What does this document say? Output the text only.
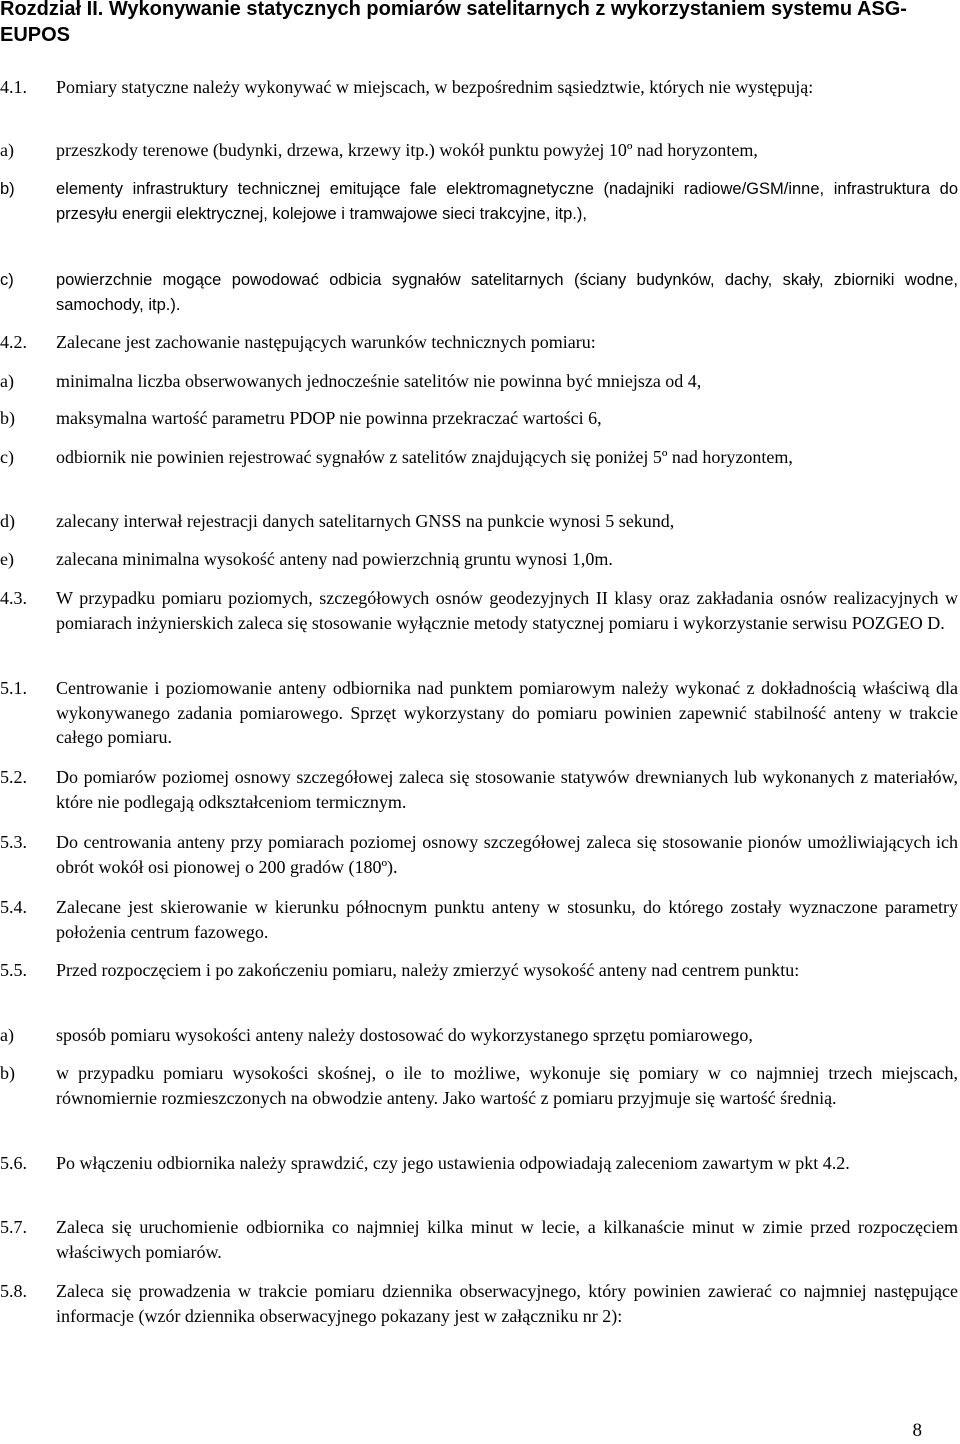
Rozdział II. Wykonywanie statycznych pomiarów satelitarnych z wykorzystaniem systemu ASG-EUPOS
4.1.	Pomiary statyczne należy wykonywać w miejscach, w bezpośrednim sąsiedztwie, których nie występują:
a)	przeszkody terenowe (budynki, drzewa, krzewy itp.) wokół punktu powyżej 10º nad horyzontem,
b)	elementy infrastruktury technicznej emitujące fale elektromagnetyczne (nadajniki radiowe/GSM/inne, infrastruktura do przesyłu energii elektrycznej, kolejowe i tramwajowe sieci trakcyjne, itp.),
c)	powierzchnie mogące powodować odbicia sygnałów satelitarnych (ściany budynków, dachy, skały, zbiorniki wodne, samochody, itp.).
4.2.	Zalecane jest zachowanie następujących warunków technicznych pomiaru:
a)	minimalna liczba obserwowanych jednocześnie satelitów nie powinna być mniejsza od 4,
b)	maksymalna wartość parametru PDOP nie powinna przekraczać wartości 6,
c)	odbiornik nie powinien rejestrować sygnałów z satelitów znajdujących się poniżej 5º nad horyzontem,
d)	zalecany interwał rejestracji danych satelitarnych GNSS na punkcie wynosi 5 sekund,
e)	zalecana minimalna wysokość anteny nad powierzchnią gruntu wynosi 1,0m.
4.3.	W przypadku pomiaru poziomych, szczegółowych osnów geodezyjnych II klasy oraz zakładania osnów realizacyjnych w pomiarach inżynierskich zaleca się stosowanie wyłącznie metody statycznej pomiaru i wykorzystanie serwisu POZGEO D.
5.1.	Centrowanie i poziomowanie anteny odbiornika nad punktem pomiarowym należy wykonać z dokładnością właściwą dla wykonywanego zadania pomiarowego. Sprzęt wykorzystany do pomiaru powinien zapewnić stabilność anteny w trakcie całego pomiaru.
5.2.	Do pomiarów poziomej osnowy szczegółowej zaleca się stosowanie statywów drewnianych lub wykonanych z materiałów, które nie podlegają odkształceniom termicznym.
5.3.	Do centrowania anteny przy pomiarach poziomej osnowy szczegółowej zaleca się stosowanie pionów umożliwiających ich obrót wokół osi pionowej o 200 gradów (180º).
5.4.	Zalecane jest skierowanie w kierunku północnym punktu anteny w stosunku, do którego zostały wyznaczone parametry położenia centrum fazowego.
5.5.	Przed rozpoczęciem i po zakończeniu pomiaru, należy zmierzyć wysokość anteny nad centrem punktu:
a)	sposób pomiaru wysokości anteny należy dostosować do wykorzystanego sprzętu pomiarowego,
b)	w przypadku pomiaru wysokości skośnej, o ile to możliwe, wykonuje się pomiary w co najmniej trzech miejscach, równomiernie rozmieszczonych na obwodzie anteny. Jako wartość z pomiaru przyjmuje się wartość średnią.
5.6.	Po włączeniu odbiornika należy sprawdzić, czy jego ustawienia odpowiadają zaleceniom zawartym w pkt 4.2.
5.7.	Zaleca się uruchomienie odbiornika co najmniej kilka minut w lecie, a kilkanaście minut w zimie przed rozpoczęciem właściwych pomiarów.
5.8.	Zaleca się prowadzenia w trakcie pomiaru dziennika obserwacyjnego, który powinien zawierać co najmniej następujące informacje (wzór dziennika obserwacyjnego pokazany jest w załączniku nr 2):
8
